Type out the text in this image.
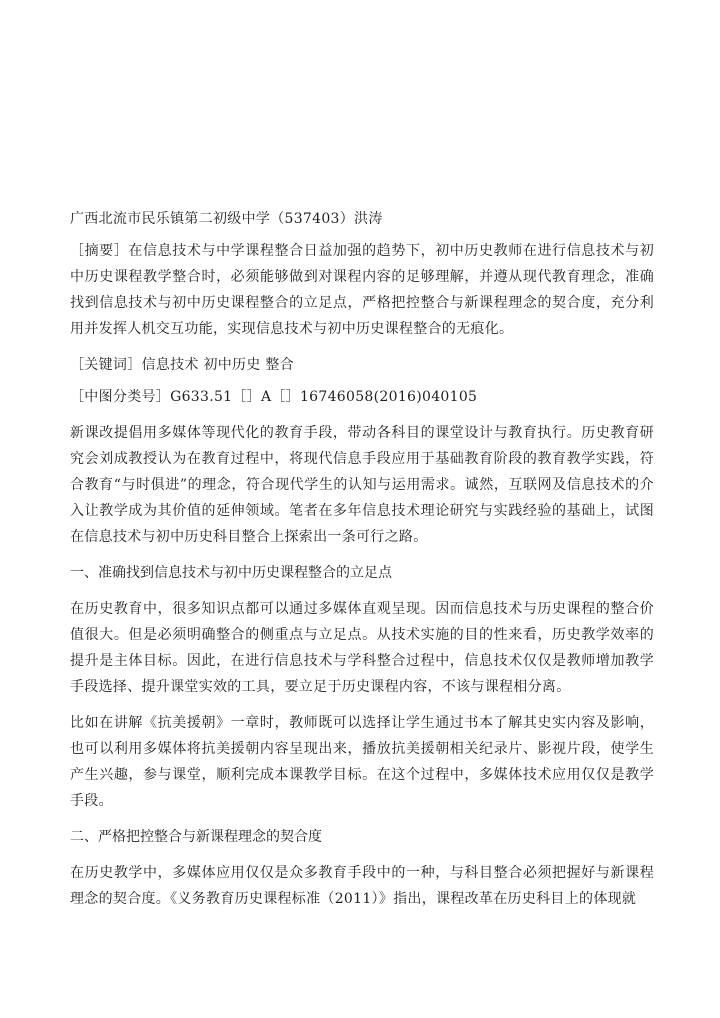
广西北流市民乐镇第二初级中学（537403）洪涛

［摘要］在信息技术与中学课程整合日益加强的趋势下，初中历史教师在进行信息技术与初中历史课程教学整合时，必须能够做到对课程内容的足够理解，并遵从现代教育理念，准确找到信息技术与初中历史课程整合的立足点，严格把控整合与新课程理念的契合度，充分利用并发挥人机交互功能，实现信息技术与初中历史课程整合的无痕化。

［关键词］信息技术 初中历史 整合

［中图分类号］G633.51［］A［］16746058(2016)040105

新课改提倡用多媒体等现代化的教育手段，带动各科目的课堂设计与教育执行。历史教育研究会刘成教授认为在教育过程中，将现代信息手段应用于基础教育阶段的教育教学实践，符合教育“与时俱进”的理念，符合现代学生的认知与运用需求。诚然，互联网及信息技术的介入让教学成为其价值的延伸领域。笔者在多年信息技术理论研究与实践经验的基础上，试图在信息技术与初中历史科目整合上探索出一条可行之路。

一、准确找到信息技术与初中历史课程整合的立足点

在历史教育中，很多知识点都可以通过多媒体直观呈现。因而信息技术与历史课程的整合价值很大。但是必须明确整合的侧重点与立足点。从技术实施的目的性来看，历史教学效率的提升是主体目标。因此，在进行信息技术与学科整合过程中，信息技术仅仅是教师增加教学手段选择、提升课堂实效的工具，要立足于历史课程内容，不该与课程相分离。

比如在讲解《抗美援朝》一章时，教师既可以选择让学生通过书本了解其史实内容及影响，也可以利用多媒体将抗美援朝内容呈现出来，播放抗美援朝相关纪录片、影视片段，使学生产生兴趣，参与课堂，顺利完成本课教学目标。在这个过程中，多媒体技术应用仅仅是教学手段。

二、严格把控整合与新课程理念的契合度

在历史教学中，多媒体应用仅仅是众多教育手段中的一种，与科目整合必须把握好与新课程理念的契合度。《义务教育历史课程标准（2011）》指出，课程改革在历史科目上的体现就
